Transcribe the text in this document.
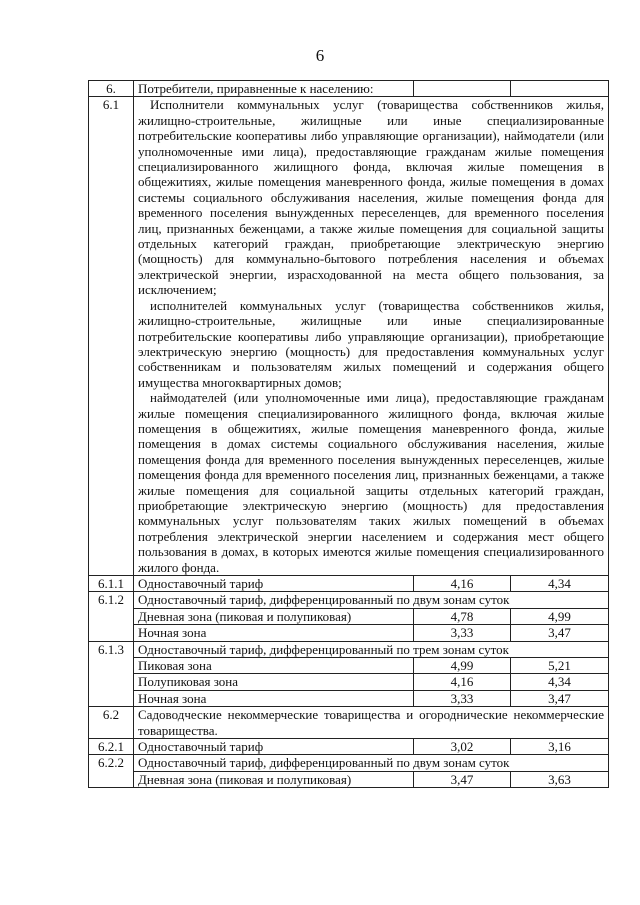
6
6.	Потребители, приравненные к населению:		
6.1	Исполнители коммунальных услуг (товарищества собственников жилья, жилищно-строительные, жилищные или иные специализированные потребительские кооперативы либо управляющие организации), наймодатели (или уполномоченные ими лица), предоставляющие гражданам жилые помещения специализированного жилищного фонда, включая жилые помещения в общежитиях, жилые помещения маневренного фонда, жилые помещения в домах системы социального обслуживания населения, жилые помещения фонда для временного поселения вынужденных переселенцев, для временного поселения лиц, признанных беженцами, а также жилые помещения для социальной защиты отдельных категорий граждан, приобретающие электрическую энергию (мощность) для коммунально-бытового потребления населения и объемах электрической энергии, израсходованной на места общего пользования, за исключением;

исполнителей коммунальных услуг (товарищества собственников жилья, жилищно-строительные, жилищные или иные специализированные потребительские кооперативы либо управляющие организации), приобретающие электрическую энергию (мощность) для предоставления коммунальных услуг собственникам и пользователям жилых помещений и содержания общего имущества многоквартирных домов;

наймодателей (или уполномоченные ими лица), предоставляющие гражданам жилые помещения специализированного жилищного фонда, включая жилые помещения в общежитиях, жилые помещения маневренного фонда, жилые помещения в домах системы социального обслуживания населения, жилые помещения фонда для временного поселения вынужденных переселенцев, жилые помещения фонда для временного поселения лиц, признанных беженцами, а также жилые помещения для социальной защиты отдельных категорий граждан, приобретающие электрическую энергию (мощность) для предоставления коммунальных услуг пользователям таких жилых помещений в объемах потребления электрической энергии населением и содержания мест общего пользования в домах, в которых имеются жилые помещения специализированного жилого фонда.		

6.1.1	Одноставочный тариф	4,16	4,34
6.1.2	Одноставочный тариф, дифференцированный по двум зонам суток		
	Дневная зона (пиковая и полупиковая)	4,78	4,99
	Ночная зона	3,33	3,47
6.1.3	Одноставочный тариф, дифференцированный по трем зонам суток		
	Пиковая зона	4,99	5,21
	Полупиковая зона	4,16	4,34
	Ночная зона	3,33	3,47
6.2	Садоводческие некоммерческие товарищества и огороднические некоммерческие товарищества.		
6.2.1	Одноставочный тариф	3,02	3,16
6.2.2	Одноставочный тариф, дифференцированный по двум зонам суток		
	Дневная зона (пиковая и полупиковая)	3,47	3,63
